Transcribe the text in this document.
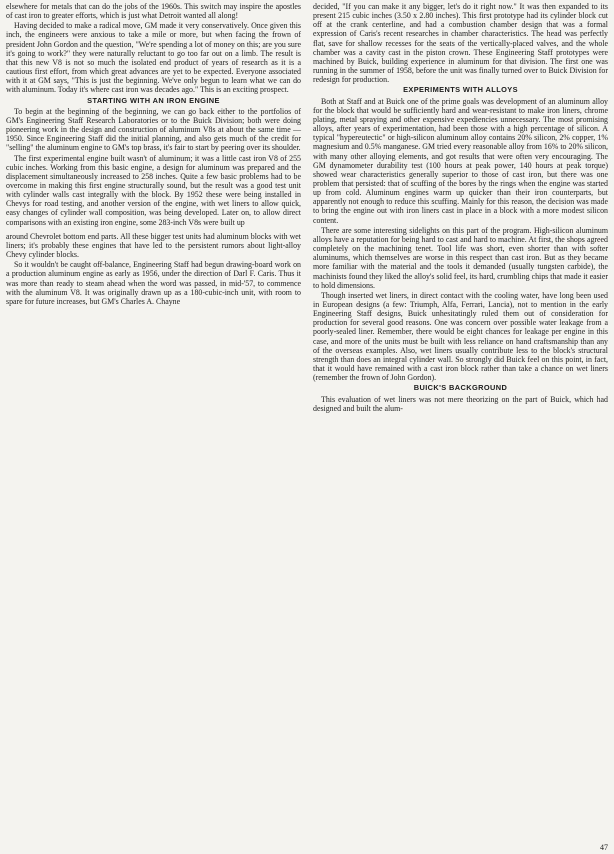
elsewhere for metals that can do the jobs of the 1960s. This switch may inspire the apostles of cast iron to greater efforts, which is just what Detroit wanted all along!

Having decided to make a radical move, GM made it very conservatively. Once given this inch, the engineers were anxious to take a mile or more, but when facing the frown of president John Gordon and the question, "We're spending a lot of money on this; are you sure it's going to work?" they were naturally reluctant to go too far out on a limb. The result is that this new V8 is not so much the isolated end product of years of research as it is a cautious first effort, from which great advances are yet to be expected. Everyone associated with it at GM says, "This is just the beginning. We've only begun to learn what we can do with aluminum. Today it's where cast iron was decades ago." This is an exciting prospect.

STARTING WITH AN IRON ENGINE

To begin at the beginning of the beginning, we can go back either to the portfolios of GM's Engineering Staff Research Laboratories or to the Buick Division; both were doing pioneering work in the design and construction of aluminum V8s at about the same time — 1950. Since Engineering Staff did the initial planning, and also gets much of the credit for "selling" the aluminum engine to GM's top brass, it's fair to start by peering over its shoulder.

The first experimental engine built wasn't of aluminum; it was a little cast iron V8 of 255 cubic inches. Working from this basic engine, a design for aluminum was prepared and the displacement simultaneously increased to 258 inches. Quite a few basic problems had to be overcome in making this first engine structurally sound, but the result was a good test unit with cylinder walls cast integrally with the block. By 1952 these were being installed in Chevys for road testing, and another version of the engine, with wet liners to allow quick, easy changes of cylinder wall composition, was being developed. Later on, to allow direct comparisons with an existing iron engine, some 283-inch V8s were built up

around Chevrolet bottom end parts. All these bigger test units had aluminum blocks with wet liners; it's probably these engines that have led to the persistent rumors about light-alloy Chevy cylinder blocks.

So it wouldn't be caught off-balance, Engineering Staff had begun drawing-board work on a production aluminum engine as early as 1956, under the direction of Darl F. Caris. Thus it was more than ready to steam ahead when the word was passed, in mid-'57, to commence with the aluminum V8. It was originally drawn up as a 180-cubic-inch unit, with room to spare for future increases, but GM's Charles A. Chayne

decided, "If you can make it any bigger, let's do it right now." It was then expanded to its present 215 cubic inches (3.50 x 2.80 inches). This first prototype had its cylinder block cut off at the crank centerline, and had a combustion chamber design that was a formal expression of Caris's recent researches in chamber characteristics. The head was perfectly flat, save for shallow recesses for the seats of the vertically-placed valves, and the whole chamber was a cavity cast in the piston crown. These Engineering Staff prototypes were machined by Buick, building experience in aluminum for that division. The first one was running in the summer of 1958, before the unit was finally turned over to Buick Division for redesign for production.

EXPERIMENTS WITH ALLOYS

Both at Staff and at Buick one of the prime goals was development of an aluminum alloy for the block that would be sufficiently hard and wear-resistant to make iron liners, chrome plating, metal spraying and other expensive expediencies unnecessary. The most promising alloys, after years of experimentation, had been those with a high percentage of silicon. A typical "hypereutectic" or high-silicon aluminum alloy contains 20% silicon, 2% copper, 1% magnesium and 0.5% manganese. GM tried every reasonable alloy from 16% to 20% silicon, with many other alloying elements, and got results that were often very encouraging. The GM dynamometer durability test (100 hours at peak power, 140 hours at peak torque) showed wear characteristics generally superior to those of cast iron, but there was one problem that persisted: that of scuffing of the bores by the rings when the engine was started up from cold. Aluminum engines warm up quicker than their iron counterparts, but apparently not enough to reduce this scuffing. Mainly for this reason, the decision was made to bring the engine out with iron liners cast in place in a block with a more modest silicon content.

There are some interesting sidelights on this part of the program. High-silicon aluminum alloys have a reputation for being hard to cast and hard to machine. At first, the shops agreed completely on the machining tenet. Tool life was short, even shorter than with softer aluminums, which themselves are worse in this respect than cast iron. But as they became more familiar with the material and the tools it demanded (usually tungsten carbide), the machinists found they liked the alloy's solid feel, its hard, crumbling chips that made it easier to hold dimensions.

Though inserted wet liners, in direct contact with the cooling water, have long been used in European designs (a few: Triumph, Alfa, Ferrari, Lancia), not to mention in the early Engineering Staff designs, Buick unhesitatingly ruled them out of consideration for production for several good reasons. One was concern over possible water leakage from a poorly-sealed liner. Remember, there would be eight chances for leakage per engine in this case, and more of the units must be built with less reliance on hand craftsmanship than any of the overseas examples. Also, wet liners usually contribute less to the block's structural strength than does an integral cylinder wall. So strongly did Buick feel on this point, in fact, that it would have remained with a cast iron block rather than take a chance on wet liners (remember the frown of John Gordon).

BUICK'S BACKGROUND

This evaluation of wet liners was not mere theorizing on the part of Buick, which had designed and built the alum-

47
